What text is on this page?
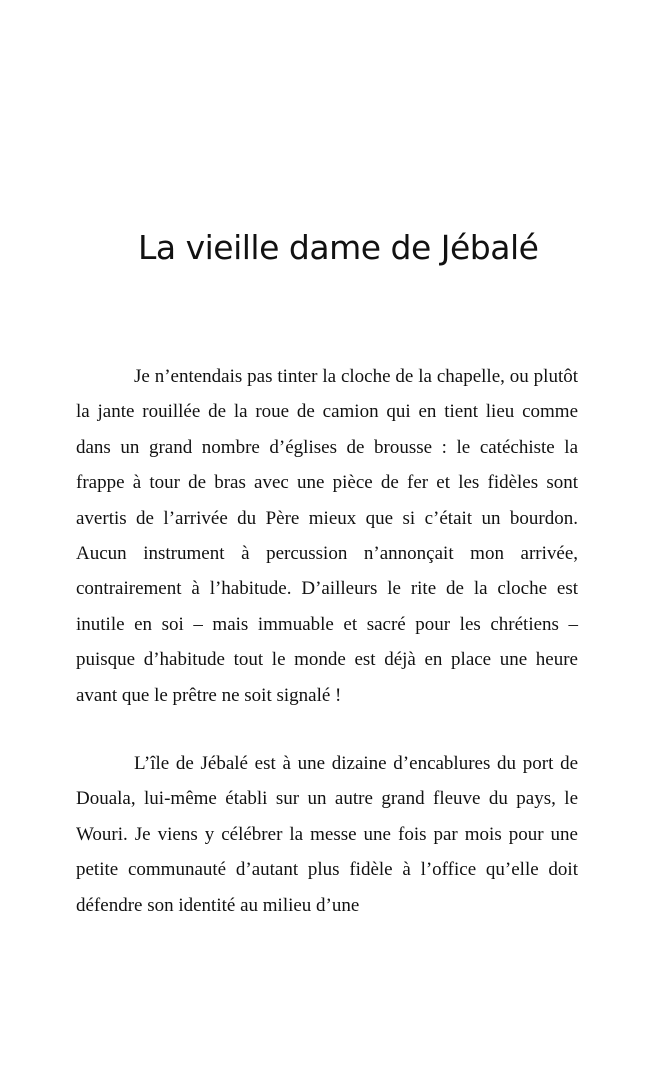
La vieille dame de Jébalé

Je n’entendais pas tinter la cloche de la chapelle, ou plutôt la jante rouillée de la roue de camion qui en tient lieu comme dans un grand nombre d’églises de brousse : le catéchiste la frappe à tour de bras avec une pièce de fer et les fidèles sont avertis de l’arrivée du Père mieux que si c’était un bourdon. Aucun instrument à percussion n’annonçait mon arrivée, contrairement à l’habitude. D’ailleurs le rite de la cloche est inutile en soi – mais immuable et sacré pour les chrétiens – puisque d’habitude tout le monde est déjà en place une heure avant que le prêtre ne soit signalé !

L’île de Jébalé est à une dizaine d’encablures du port de Douala, lui-même établi sur un autre grand fleuve du pays, le Wouri. Je viens y célébrer la messe une fois par mois pour une petite communauté d’autant plus fidèle à l’office qu’elle doit défendre son identité au milieu d’une
